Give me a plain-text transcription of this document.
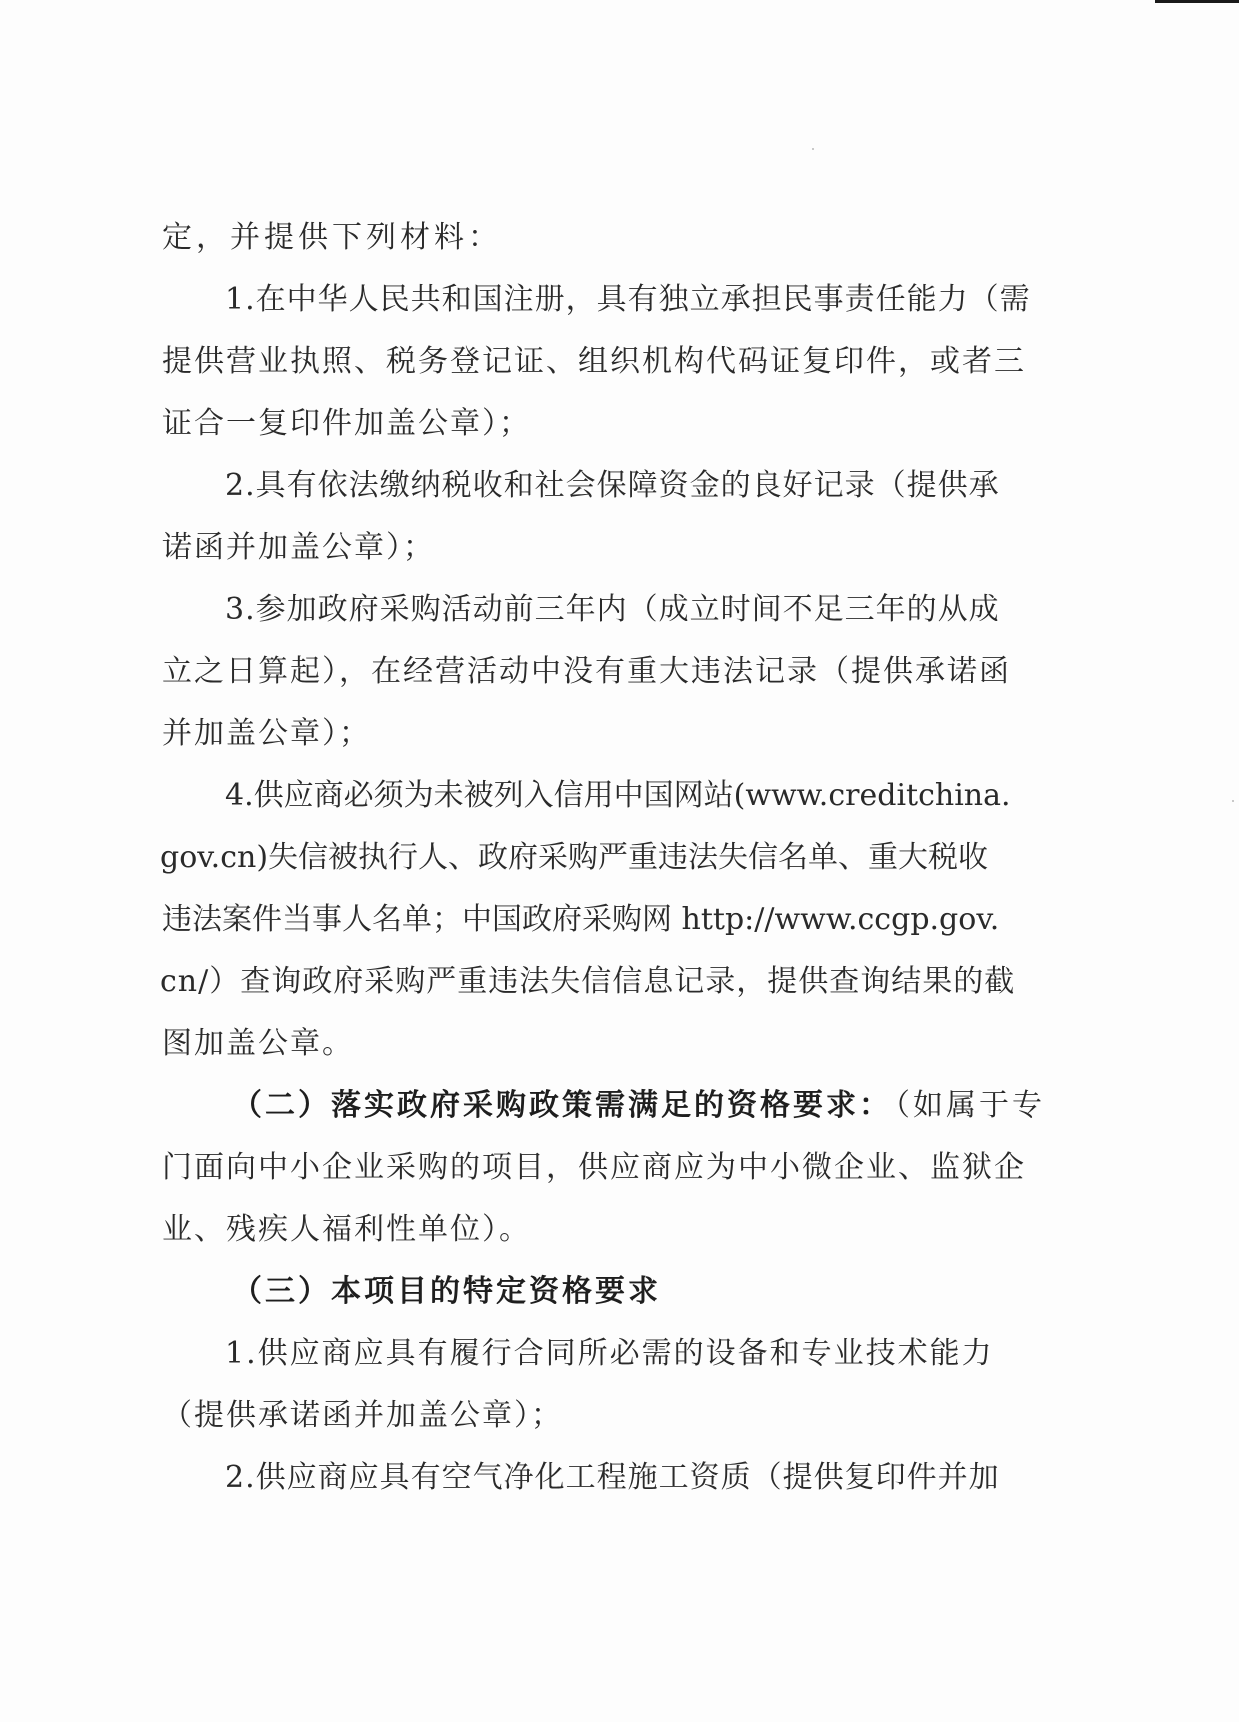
定，并提供下列材料：
1.在中华人民共和国注册，具有独立承担民事责任能力（需
提供营业执照、税务登记证、组织机构代码证复印件，或者三
证合一复印件加盖公章）；
2.具有依法缴纳税收和社会保障资金的良好记录（提供承
诺函并加盖公章）；
3.参加政府采购活动前三年内（成立时间不足三年的从成
立之日算起），在经营活动中没有重大违法记录（提供承诺函
并加盖公章）；
4.供应商必须为未被列入信用中国网站(www.creditchina.
gov.cn)失信被执行人、政府采购严重违法失信名单、重大税收
违法案件当事人名单；中国政府采购网 http://www.ccgp.gov.
cn/）查询政府采购严重违法失信信息记录，提供查询结果的截
图加盖公章。
（二）落实政府采购政策需满足的资格要求：
（如属于专
门面向中小企业采购的项目，供应商应为中小微企业、监狱企
业、残疾人福利性单位）。
（三）本项目的特定资格要求
1.供应商应具有履行合同所必需的设备和专业技术能力
（提供承诺函并加盖公章）；
2.供应商应具有空气净化工程施工资质（提供复印件并加
